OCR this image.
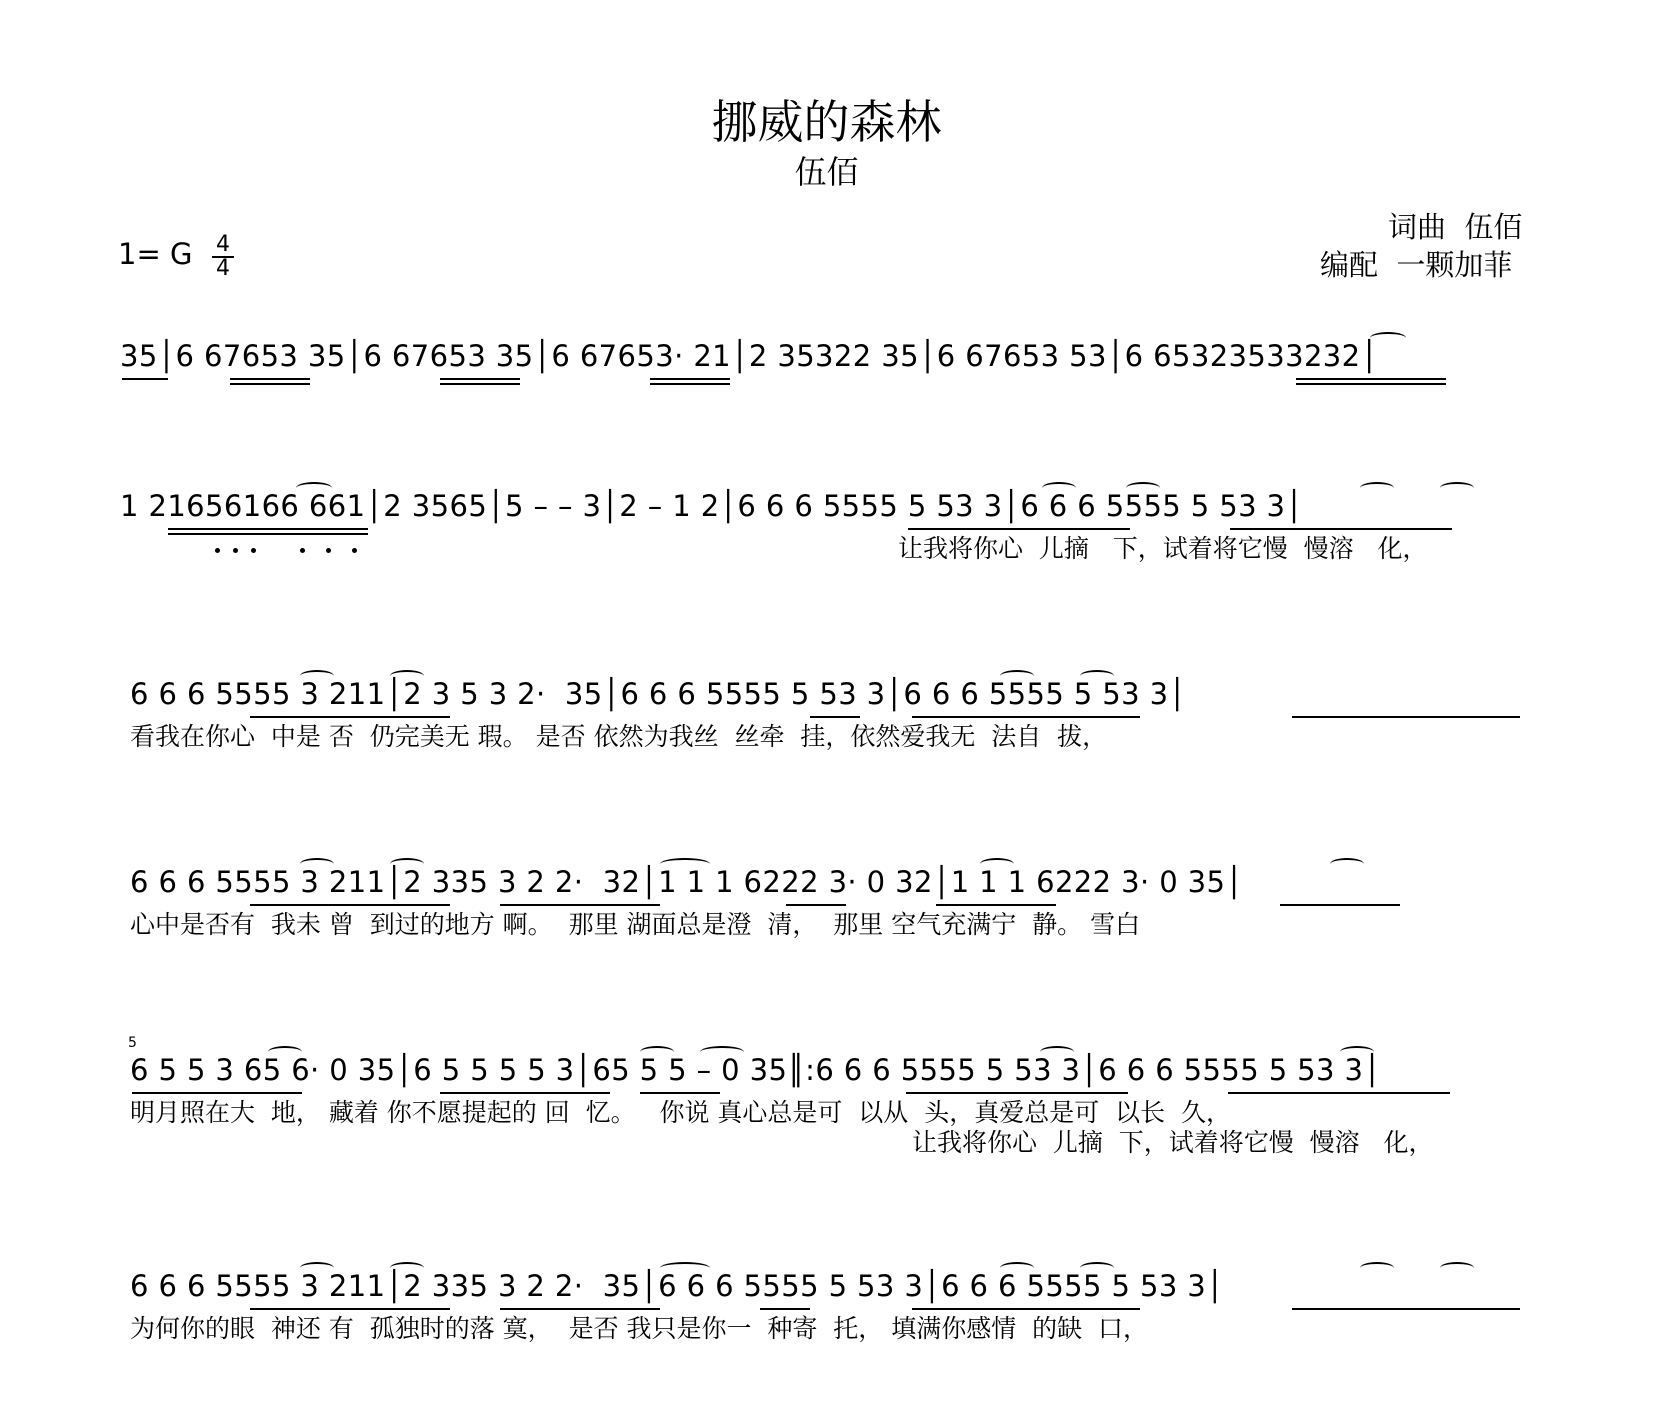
挪威的森林
伍佰
词曲  伍佰
编配  一颗加菲
1= G 4
4
35│6 67653 35│6 67653 35│6 67653· 21│2 35322 35│6 67653 53│6 65323533232│
1 21656166 661│2 3565│5 – – 3│2 – 1 2│6 6 6 5555 5 53 3│6 6 6 5555 5 53 3│
让我将你心  儿摘   下，试着将它慢  慢溶   化，
6 6 6 5555 3 211│2 3 5 3 2·  35│6 6 6 5555 5 53 3│6 6 6 5555 5 53 3│
看我在你心  中是 否  仍完美无 瑕。 是否 依然为我丝  丝牵  挂，依然爱我无  法自  拔，
6 6 6 5555 3 211│2 335 3 2 2·  32│1 1 1 6222 3· 0 32│1 1 1 6222 3· 0 35│
心中是否有  我未 曾  到过的地方 啊。  那里 湖面总是澄  清，  那里 空气充满宁  静。 雪白
5
6 5 5 3 65 6· 0 35│6 5 5 5 5 3│65 5 5 – 0 35║:6 6 6 5555 5 53 3│6 6 6 5555 5 53 3│
明月照在大  地， 藏着 你不愿提起的 回  忆。   你说 真心总是可  以从  头，真爱总是可  以长  久，
让我将你心  儿摘  下，试着将它慢  慢溶   化，
6 6 6 5555 3 211│2 335 3 2 2·  35│6 6 6 5555 5 53 3│6 6 6 5555 5 53 3│
为何你的眼  神还 有  孤独时的落 寞，  是否 我只是你一  种寄  托， 填满你感情  的缺  口，
